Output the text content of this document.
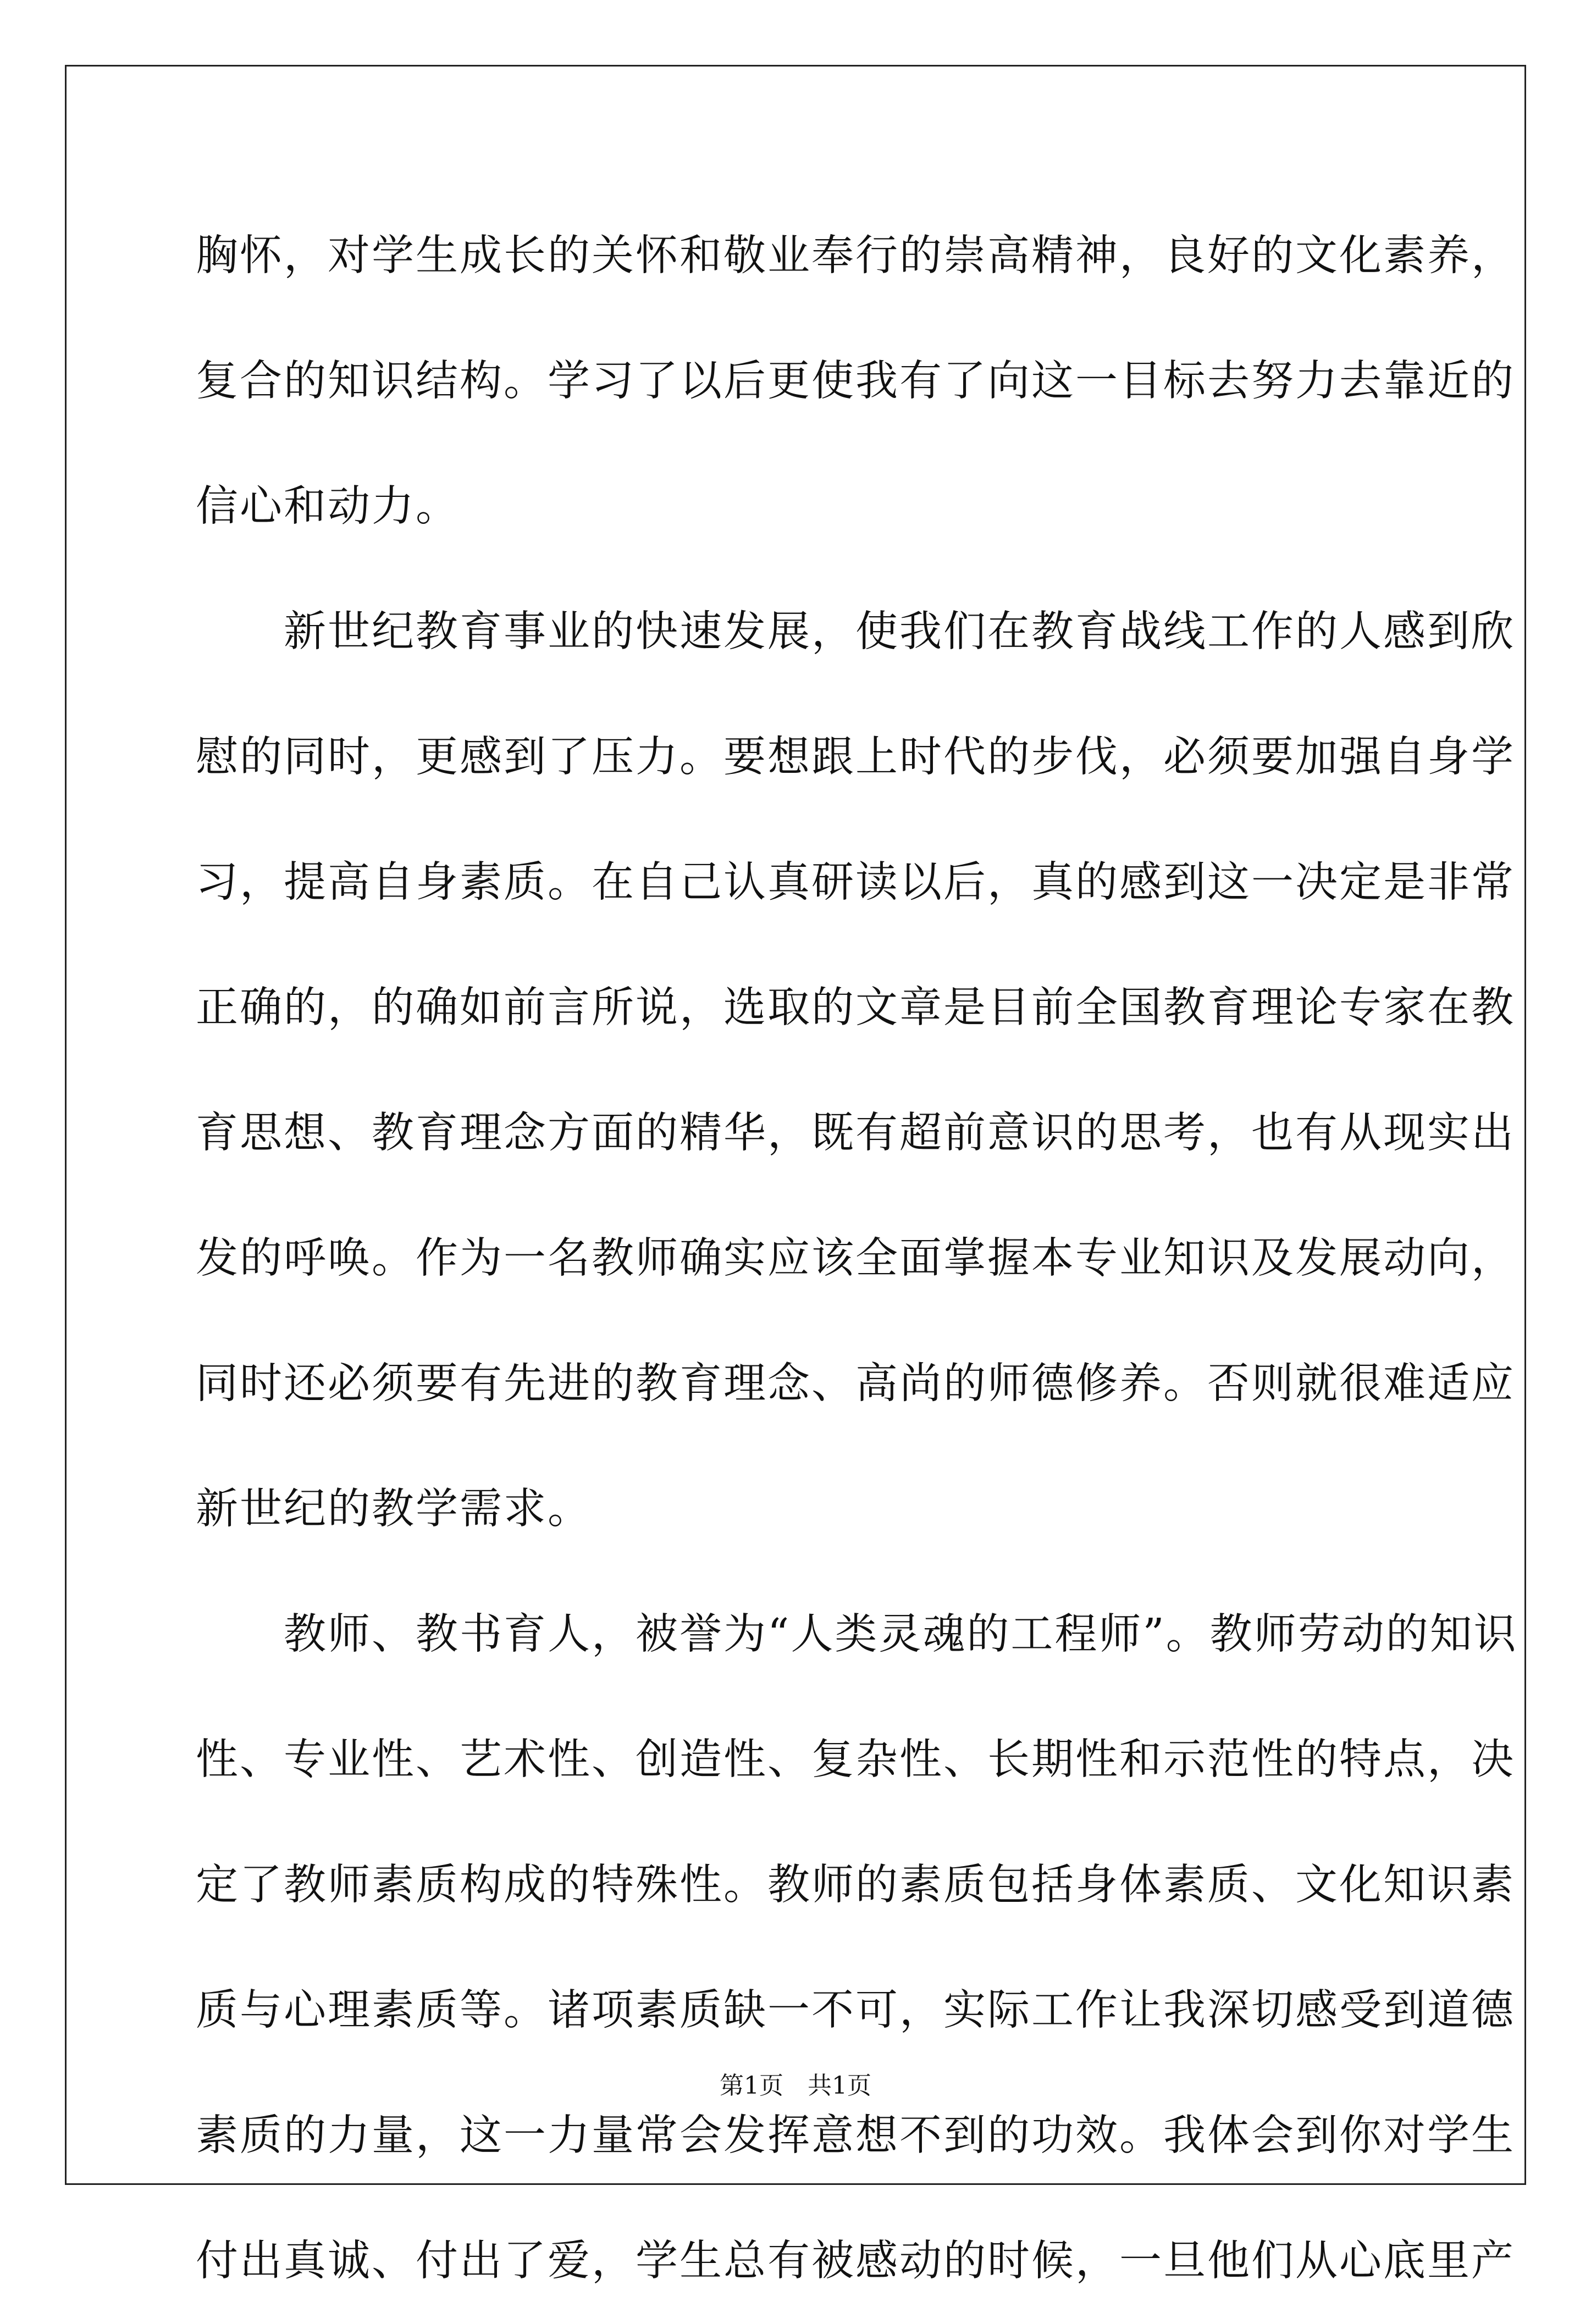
胸怀，对学生成长的关怀和敬业奉行的崇高精神，良好的文化素养，
复合的知识结构。学习了以后更使我有了向这一目标去努力去靠近的
信心和动力。
　　新世纪教育事业的快速发展，使我们在教育战线工作的人感到欣
慰的同时，更感到了压力。要想跟上时代的步伐，必须要加强自身学
习，提高自身素质。在自己认真研读以后，真的感到这一决定是非常
正确的，的确如前言所说，选取的文章是目前全国教育理论专家在教
育思想、教育理念方面的精华，既有超前意识的思考，也有从现实出
发的呼唤。作为一名教师确实应该全面掌握本专业知识及发展动向，
同时还必须要有先进的教育理念、高尚的师德修养。否则就很难适应
新世纪的教学需求。
　　教师、教书育人，被誉为“人类灵魂的工程师”。教师劳动的知识
性、专业性、艺术性、创造性、复杂性、长期性和示范性的特点，决
定了教师素质构成的特殊性。教师的素质包括身体素质、文化知识素
质与心理素质等。诸项素质缺一不可，实际工作让我深切感受到道德
素质的力量，这一力量常会发挥意想不到的功效。我体会到你对学生
付出真诚、付出了爱，学生总有被感动的时候，一旦他们从心底里产
第1页　共1页
